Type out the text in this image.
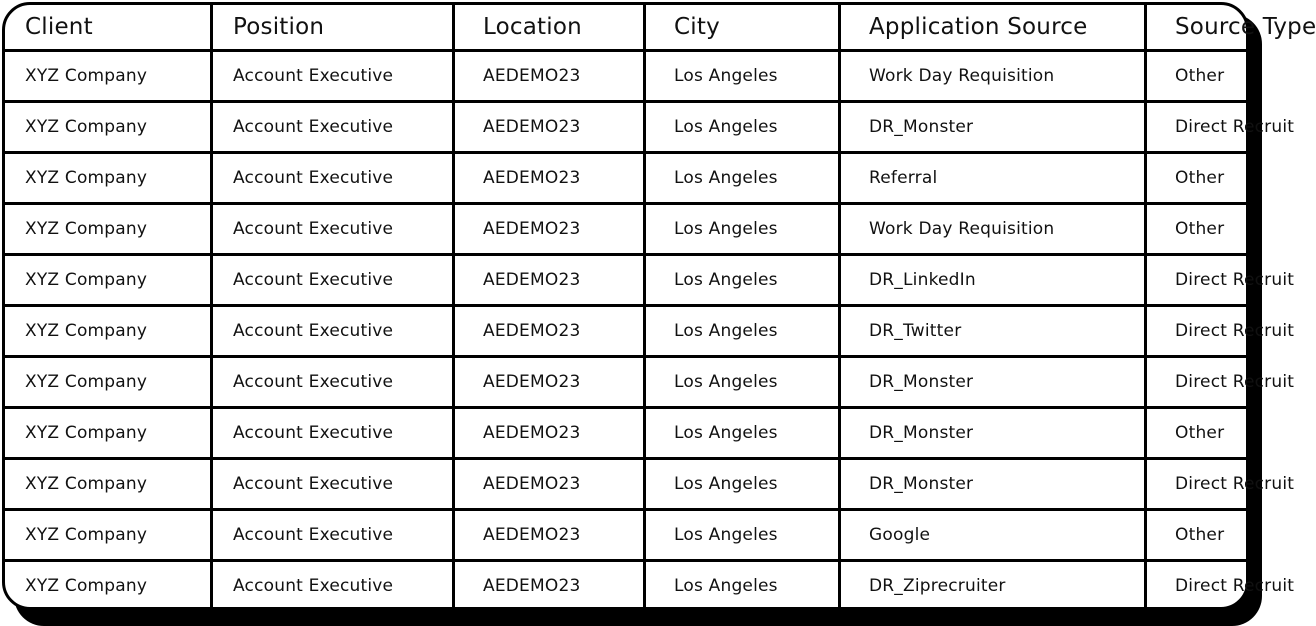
Client	Position	Location	City	Application Source	Source Type
XYZ Company	Account Executive	AEDEMO23	Los Angeles	Work Day Requisition	Other
XYZ Company	Account Executive	AEDEMO23	Los Angeles	DR_Monster	Direct Recruit
XYZ Company	Account Executive	AEDEMO23	Los Angeles	Referral	Other
XYZ Company	Account Executive	AEDEMO23	Los Angeles	Work Day Requisition	Other
XYZ Company	Account Executive	AEDEMO23	Los Angeles	DR_LinkedIn	Direct Recruit
XYZ Company	Account Executive	AEDEMO23	Los Angeles	DR_Twitter	Direct Recruit
XYZ Company	Account Executive	AEDEMO23	Los Angeles	DR_Monster	Direct Recruit
XYZ Company	Account Executive	AEDEMO23	Los Angeles	DR_Monster	Other
XYZ Company	Account Executive	AEDEMO23	Los Angeles	DR_Monster	Direct Recruit
XYZ Company	Account Executive	AEDEMO23	Los Angeles	Google	Other
XYZ Company	Account Executive	AEDEMO23	Los Angeles	DR_Ziprecruiter	Direct Recruit
